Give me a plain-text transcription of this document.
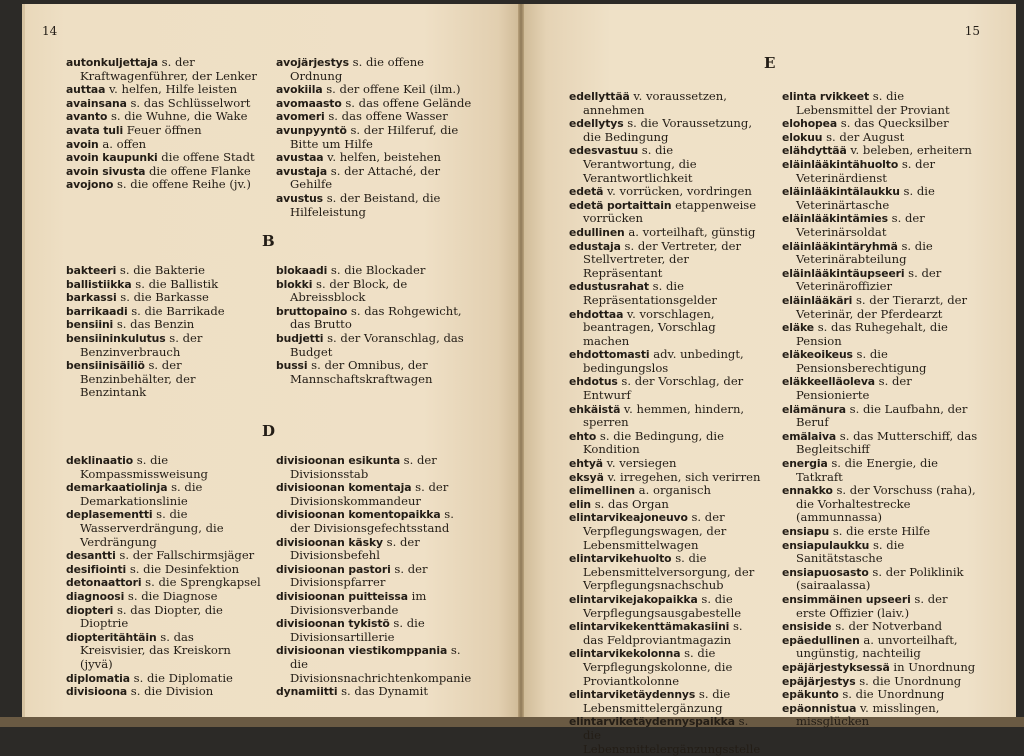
14	15
autonkuljettaja s. der Kraftwagenführer, der Lenker
auttaa v. helfen, Hilfe leisten
avainsana s. das Schlüsselwort
avanto s. die Wuhne, die Wake
avata tuli Feuer öffnen
avoin a. offen
avoin kaupunki die offene Stadt
avoin sivusta die offene Flanke
avojono s. die offene Reihe (jv.)
avojärjestys s. die offene Ordnung
avokiila s. der offene Keil (ilm.)
avomaasto s. das offene Gelände
avomeri s. das offene Wasser
avunpyyntö s. der Hilferuf, die Bitte um Hilfe
avustaa v. helfen, beistehen
avustaja s. der Attaché, der Gehilfe
avustus s. der Beistand, die Hilfeleistung
B
bakteeri s. die Bakterie
ballistiikka s. die Ballistik
barkassi s. die Barkasse
barrikaadi s. die Barrikade
bensiini s. das Benzin
bensiininkulutus s. der Benzinverbrauch
bensiinisäiliö s. der Benzinbehälter, der Benzintank
blokaadi s. die Blockader
blokki s. der Block, de Abreissblock
bruttopaino s. das Rohgewicht, das Brutto
budjetti s. der Voranschlag, das Budget
bussi s. der Omnibus, der Mannschaftskraftwagen
D
deklinaatio s. die Kompassmissweisung
demarkaatiolinja s. die Demarkationslinie
deplasementti s. die Wasserverdrängung, die Verdrängung
desantti s. der Fallschirmsjäger
desifiointi s. die Desinfektion
detonaattori s. die Sprengkapsel
diagnoosi s. die Diagnose
diopteri s. das Diopter, die Dioptrie
diopteritähtäin s. das Kreisvisier, das Kreiskorn (jyvä)
diplomatia s. die Diplomatie
divisioona s. die Division
divisioonan esikunta s. der Divisionsstab
divisioonan komentaja s. der Divisionskommandeur
divisioonan komentopaikka s. der Divisionsgefechtsstand
divisioonan käsky s. der Divisionsbefehl
divisioonan pastori s. der Divisionspfarrer
divisioonan puitteissa im Divisionsverbande
divisioonan tykistö s. die Divisionsartillerie
divisioonan viestikomppania s. die Divisionsnachrichtenkompanie
dynamiitti s. das Dynamit
E
edellyttää v. voraussetzen, annehmen
edellytys s. die Voraussetzung, die Bedingung
edesvastuu s. die Verantwortung, die Verantwortlichkeit
edetä v. vorrücken, vordringen
edetä portaittain etappenweise vorrücken
edullinen a. vorteilhaft, günstig
edustaja s. der Vertreter, der Stellvertreter, der Repräsentant
edustusrahat s. die Repräsentationsgelder
ehdottaa v. vorschlagen, beantragen, Vorschlag machen
ehdottomasti adv. unbedingt, bedingungslos
ehdotus s. der Vorschlag, der Entwurf
ehkäistä v. hemmen, hindern, sperren
ehto s. die Bedingung, die Kondition
ehtyä v. versiegen
eksyä v. irregehen, sich verirren
elimellinen a. organisch
elin s. das Organ
elintarvikeajoneuvo s. der Verpflegungswagen, der Lebensmittelwagen
elintarvikehuolto s. die Lebensmittelversorgung, der Verpflegungsnachschub
elintarvikejakopaikka s. die Verpflegungsausgabestelle
elintarvikekenttämakasiini s. das Feldproviantmagazin
elintarvikekolonna s. die Verpflegungskolonne, die Proviantkolonne
elintarviketäydennys s. die Lebensmittelergänzung
elintarviketäydennyspaikka s. die Lebensmittelergänzungsstelle
elinta rvikkeet s. die Lebensmittel der Proviant
elohopea s. das Quecksilber
elokuu s. der August
elähdyttää v. beleben, erheitern
eläinlääkintähuolto s. der Veterinärdienst
eläinlääkintälaukku s. die Veterinärtasche
eläinlääkintämies s. der Veterinärsoldat
eläinlääkintäryhmä s. die Veterinärabteilung
eläinlääkintäupseeri s. der Veterinäroffizier
eläinlääkäri s. der Tierarzt, der Veterinär, der Pferdearzt
eläke s. das Ruhegehalt, die Pension
eläkeoikeus s. die Pensionsberechtigung
eläkkeelläoleva s. der Pensionierte
elämänura s. die Laufbahn, der Beruf
emälaiva s. das Mutterschiff, das Begleitschiff
energia s. die Energie, die Tatkraft
ennakko s. der Vorschuss (raha), die Vorhaltestrecke (ammunnassa)
ensiapu s. die erste Hilfe
ensiapulaukku s. die Sanitätstasche
ensiapuosasto s. der Poliklinik (sairaalassa)
ensimmäinen upseeri s. der erste Offizier (laiv.)
ensiside s. der Notverband
epäedullinen a. unvorteilhaft, ungünstig, nachteilig
epäjärjestyksessä in Unordnung
epäjärjestys s. die Unordnung
epäkunto s. die Unordnung
epäonnistua v. misslingen, missglücken
